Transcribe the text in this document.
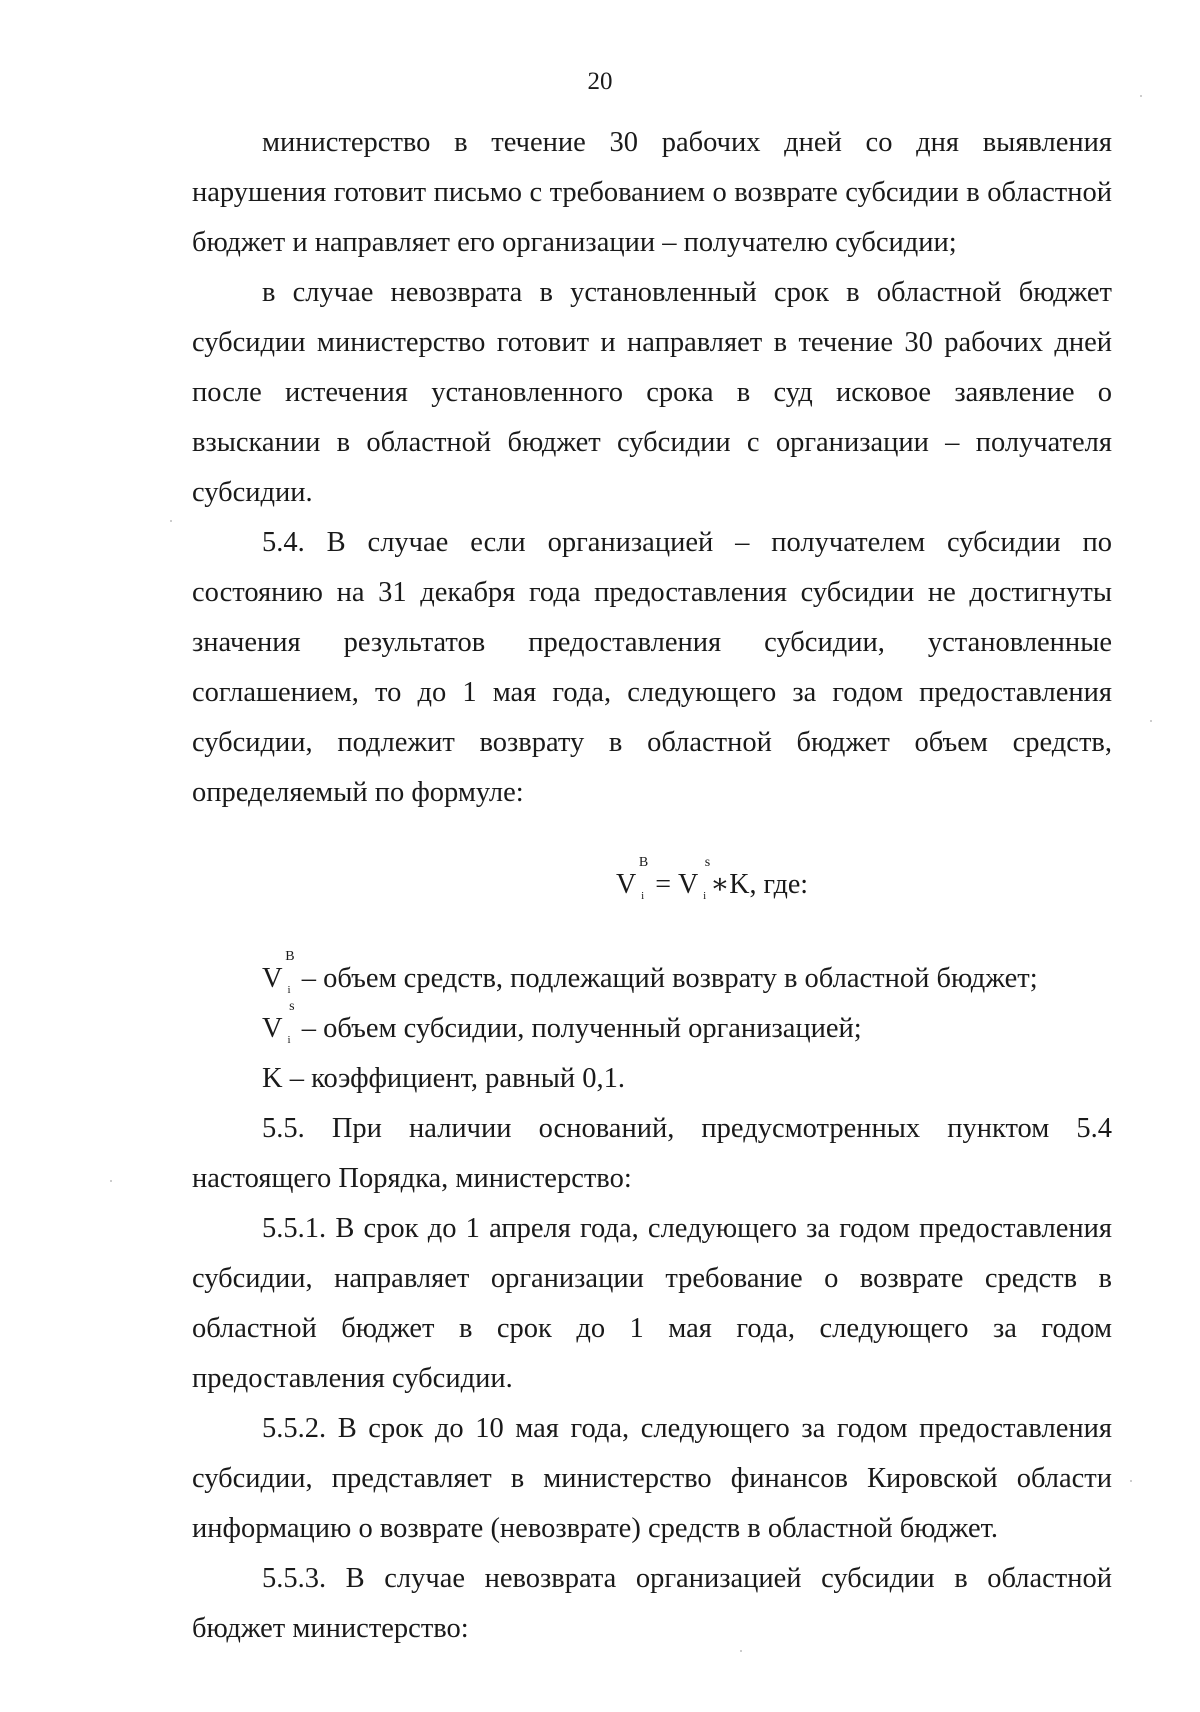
20

министерство в течение 30 рабочих дней со дня выявления нарушения готовит письмо с требованием о возврате субсидии в областной бюджет и направляет его организации – получателю субсидии;

в случае невозврата в установленный срок в областной бюджет субсидии министерство готовит и направляет в течение 30 рабочих дней после истечения установленного срока в суд исковое заявление о взыскании в областной бюджет субсидии с организации – получателя субсидии.

5.4. В случае если организацией – получателем субсидии по состоянию на 31 декабря года предоставления субсидии не достигнуты значения результатов предоставления субсидии, установленные соглашением, то до 1 мая года, следующего за годом предоставления субсидии, подлежит возврату в областной бюджет объем средств, определяемый по формуле:

V
В
i = V
s
i ∗K, где:

V
В
i – объем средств, подлежащий возврату в областной бюджет;

V
s
i – объем субсидии, полученный организацией;

K – коэффициент, равный 0,1.

5.5. При наличии оснований, предусмотренных пунктом 5.4 настоящего Порядка, министерство:

5.5.1. В срок до 1 апреля года, следующего за годом предоставления субсидии, направляет организации требование о возврате средств в областной бюджет в срок до 1 мая года, следующего за годом предоставления субсидии.

5.5.2. В срок до 10 мая года, следующего за годом предоставления субсидии, представляет в министерство финансов Кировской области информацию о возврате (невозврате) средств в областной бюджет.

5.5.3. В случае невозврата организацией субсидии в областной бюджет министерство:
